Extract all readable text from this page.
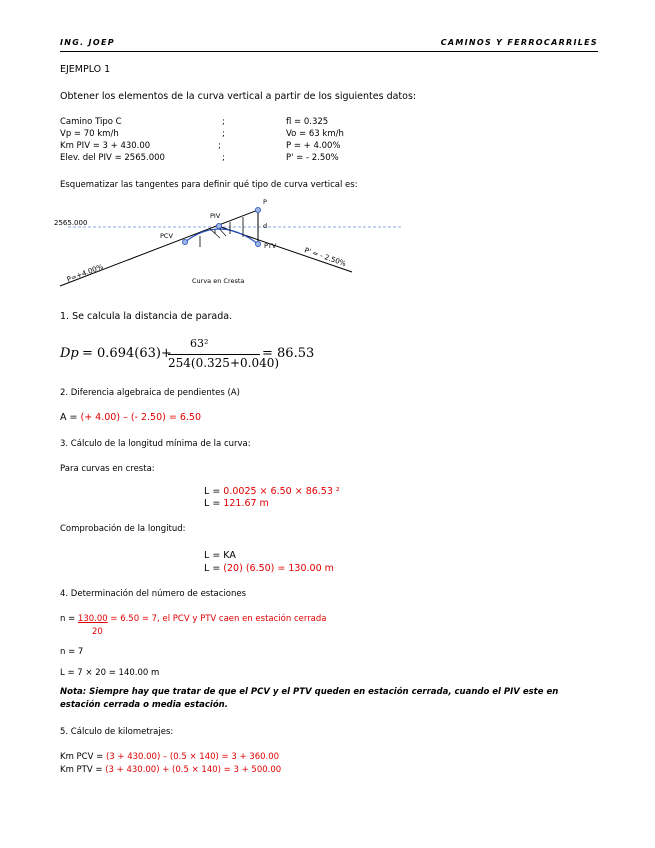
ING. JOEP	CAMINOS Y FERROCARRILES
EJEMPLO 1
Obtener los elementos de la curva vertical a partir de los siguientes datos:
Camino Tipo C	;	fl = 0.325
Vp = 70 km/h	;	Vo = 63 km/h
Km PIV = 3 + 430.00	;	P = + 4.00%
Elev. del PIV = 2565.000	;	P' = - 2.50%
Esquematizar las tangentes para definir qué tipo de curva vertical es:
2565.000
PIV
PCV
PTV
P
d
P=+4.00%
P' = - 2.50%
Curva en Cresta
1. Se calcula la distancia de parada.
Dp = 0.694(63)+
63²
254(0.325+0.040)
= 86.53
2. Diferencia algebraica de pendientes (A)
A = (+ 4.00) – (- 2.50) = 6.50
3. Cálculo de la longitud mínima de la curva:
Para curvas en cresta:
L = 0.0025 × 6.50 × 86.53 ²
L = 121.67 m
Comprobación de la longitud:
L = KA
L = (20) (6.50) = 130.00 m
4. Determinación del número de estaciones
n = 130.00 = 6.50 = 7, el PCV y PTV caen en estación cerrada
20
n = 7
L = 7 × 20 = 140.00 m
Nota: Siempre hay que tratar de que el PCV y el PTV queden en estación cerrada, cuando el PIV este en estación cerrada o media estación.
5. Cálculo de kilometrajes:
Km PCV = (3 + 430.00) – (0.5 × 140) = 3 + 360.00
Km PTV = (3 + 430.00) + (0.5 × 140) = 3 + 500.00
